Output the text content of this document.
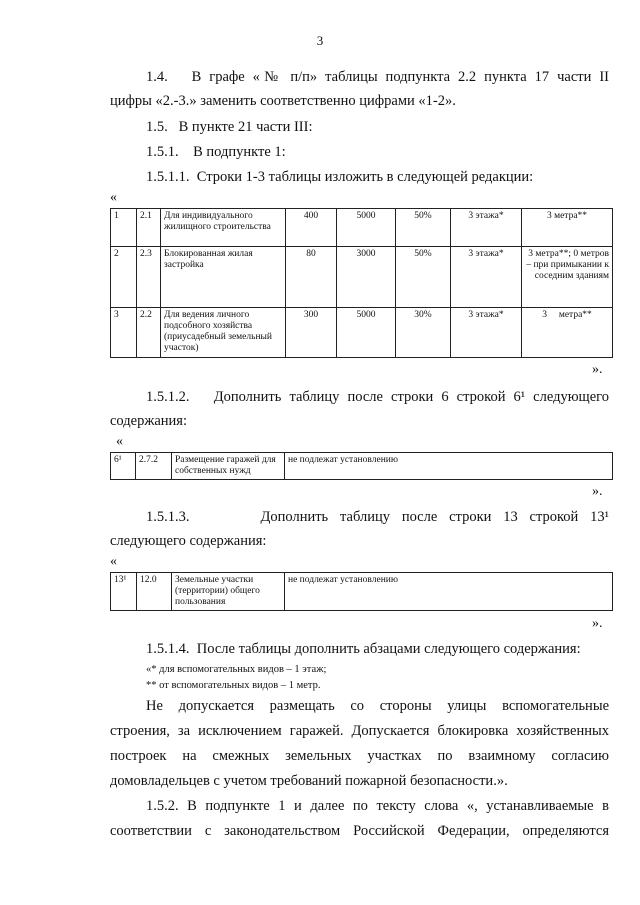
3
1.4.   В графе «№ п/п» таблицы подпункта 2.2 пункта 17 части II
цифры «2.-3.» заменить соответственно цифрами «1-2».
1.5.   В пункте 21 части III:
1.5.1.    В подпункте 1:
1.5.1.1.  Строки 1-3 таблицы изложить в следующей редакции:
«
1	2.1	Для индивидуального жилищного строительства	400	5000	50%	3 этажа*	3 метра**
2	2.3	Блокированная жилая застройка	80	3000	50%	3 этажа*	3 метра**; 0 метров – при примыкании к соседним зданиям
3	2.2	Для ведения личного подсобного хозяйства (приусадебный земельный участок)	300	5000	30%	3 этажа*	3     метра**
».
1.5.1.2.   Дополнить таблицу после строки 6 строкой 6¹ следующего
содержания:
«
6¹	2.7.2	Размещение гаражей для собственных нужд	не подлежат установлению
».
1.5.1.3.      Дополнить таблицу после строки 13 строкой 13¹
следующего содержания:
«
13¹	12.0	Земельные участки (территории) общего пользования	не подлежат установлению
».
1.5.1.4.  После таблицы дополнить абзацами следующего содержания:
«* для вспомогательных видов – 1 этаж;
** от вспомогательных видов – 1 метр.
Не допускается размещать со стороны улицы вспомогательные
строения, за исключением гаражей. Допускается блокировка хозяйственных
построек на смежных земельных участках по взаимному согласию
домовладельцев с учетом требований пожарной безопасности.».
1.5.2. В подпункте 1 и далее по тексту слова «, устанавливаемые в
соответствии с законодательством Российской Федерации, определяются
